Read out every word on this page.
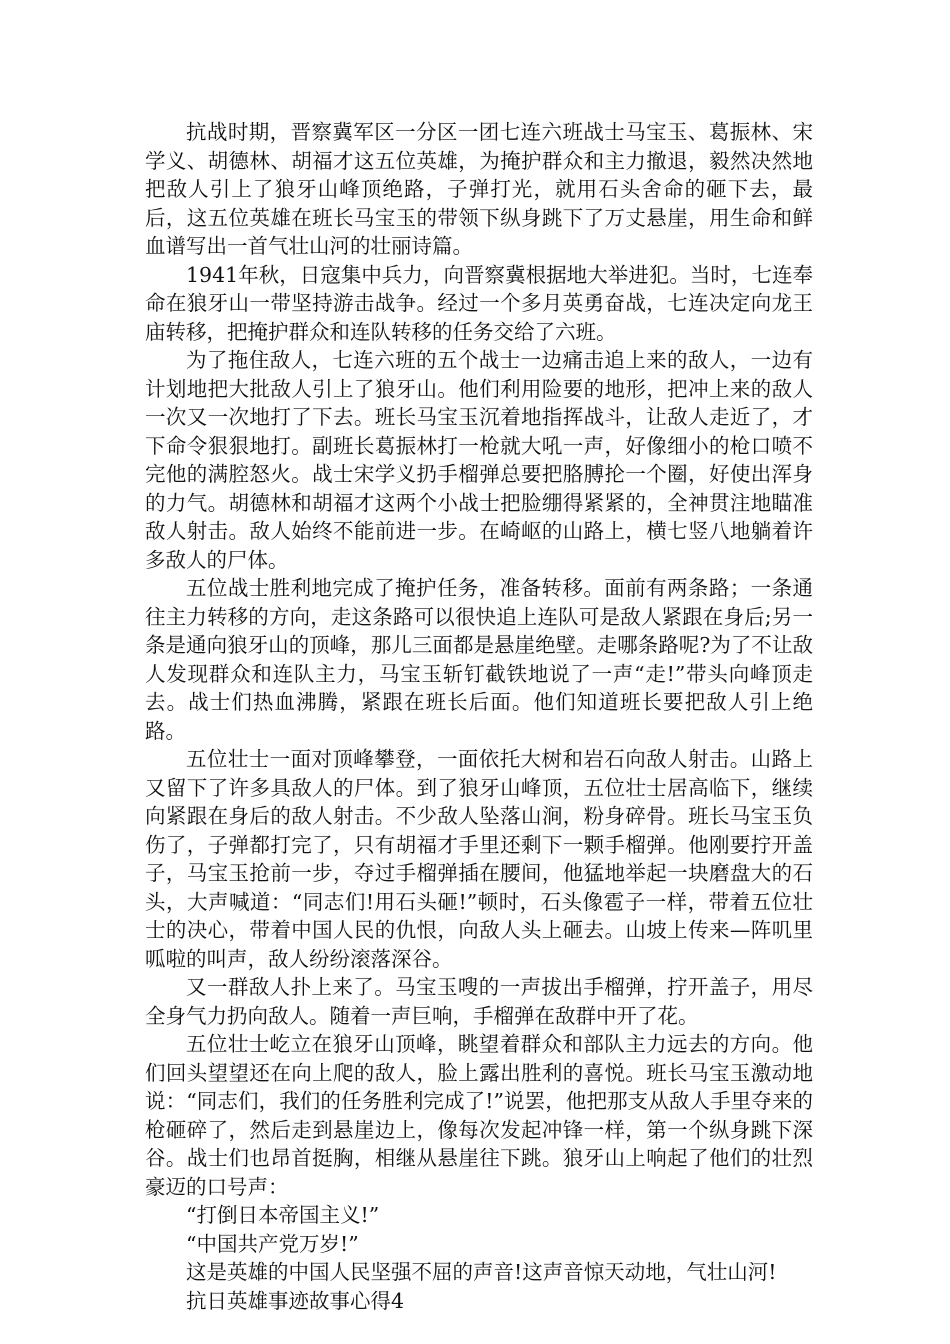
抗战时期，晋察冀军区一分区一团七连六班战士马宝玉、葛振林、宋学义、胡德林、胡福才这五位英雄，为掩护群众和主力撤退，毅然决然地把敌人引上了狼牙山峰顶绝路，子弹打光，就用石头舍命的砸下去，最后，这五位英雄在班长马宝玉的带领下纵身跳下了万丈悬崖，用生命和鲜血谱写出一首气壮山河的壮丽诗篇。

1941年秋，日寇集中兵力，向晋察冀根据地大举进犯。当时，七连奉命在狼牙山一带坚持游击战争。经过一个多月英勇奋战，七连决定向龙王庙转移，把掩护群众和连队转移的任务交给了六班。

为了拖住敌人，七连六班的五个战士一边痛击追上来的敌人，一边有计划地把大批敌人引上了狼牙山。他们利用险要的地形，把冲上来的敌人一次又一次地打了下去。班长马宝玉沉着地指挥战斗，让敌人走近了，才下命令狠狠地打。副班长葛振林打一枪就大吼一声，好像细小的枪口喷不完他的满腔怒火。战士宋学义扔手榴弹总要把胳膊抡一个圈，好使出浑身的力气。胡德林和胡福才这两个小战士把脸绷得紧紧的，全神贯注地瞄准敌人射击。敌人始终不能前进一步。在崎岖的山路上，横七竖八地躺着许多敌人的尸体。

五位战士胜利地完成了掩护任务，准备转移。面前有两条路；一条通往主力转移的方向，走这条路可以很快追上连队可是敌人紧跟在身后;另一条是通向狼牙山的顶峰，那儿三面都是悬崖绝壁。走哪条路呢?为了不让敌人发现群众和连队主力，马宝玉斩钉截铁地说了一声“走!”带头向峰顶走去。战士们热血沸腾，紧跟在班长后面。他们知道班长要把敌人引上绝路。

五位壮士一面对顶峰攀登，一面依托大树和岩石向敌人射击。山路上又留下了许多具敌人的尸体。到了狼牙山峰顶，五位壮士居高临下，继续向紧跟在身后的敌人射击。不少敌人坠落山涧，粉身碎骨。班长马宝玉负伤了，子弹都打完了，只有胡福才手里还剩下一颗手榴弹。他刚要拧开盖子，马宝玉抢前一步，夺过手榴弹插在腰间，他猛地举起一块磨盘大的石头，大声喊道：“同志们!用石头砸!”顿时，石头像雹子一样，带着五位壮士的决心，带着中国人民的仇恨，向敌人头上砸去。山坡上传来—阵叽里呱啦的叫声，敌人纷纷滚落深谷。

又一群敌人扑上来了。马宝玉嗖的一声拔出手榴弹，拧开盖子，用尽全身气力扔向敌人。随着一声巨响，手榴弹在敌群中开了花。

五位壮士屹立在狼牙山顶峰，眺望着群众和部队主力远去的方向。他们回头望望还在向上爬的敌人，脸上露出胜利的喜悦。班长马宝玉激动地说：“同志们，我们的任务胜利完成了!”说罢，他把那支从敌人手里夺来的枪砸碎了，然后走到悬崖边上，像每次发起冲锋一样，第一个纵身跳下深谷。战士们也昂首挺胸，相继从悬崖往下跳。狼牙山上响起了他们的壮烈豪迈的口号声：

“打倒日本帝国主义!”

“中国共产党万岁!”

这是英雄的中国人民坚强不屈的声音!这声音惊天动地，气壮山河!

抗日英雄事迹故事心得4
